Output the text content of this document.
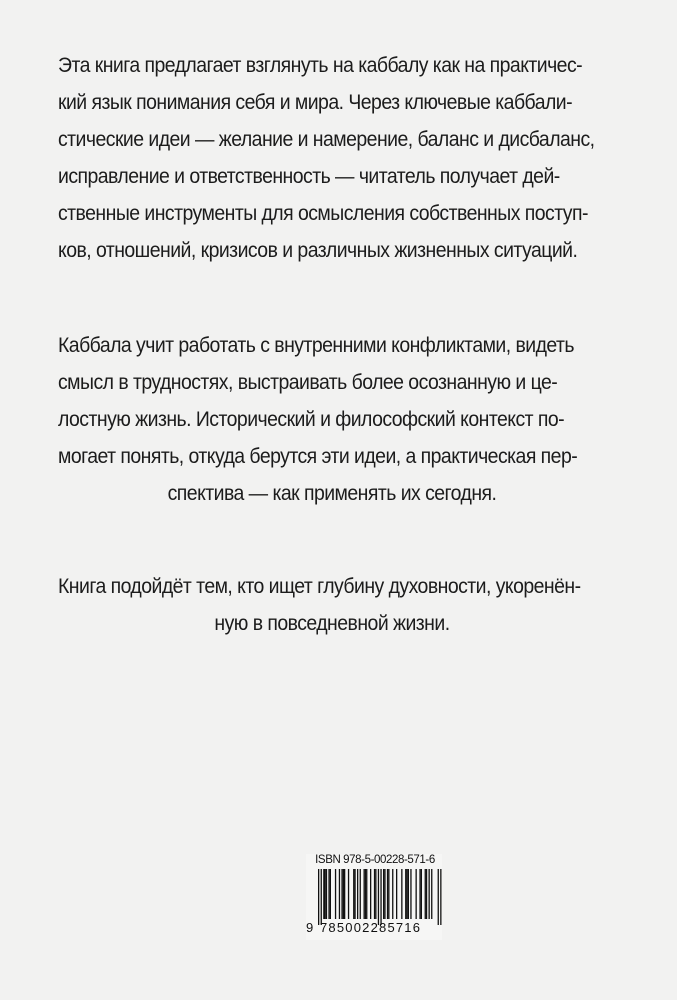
Эта книга предлагает взглянуть на каббалу как на практичес-
кий язык понимания себя и мира. Через ключевые каббали-
стические идеи — желание и намерение, баланс и дисбаланс,
исправление и ответственность — читатель получает дей-
ственные инструменты для осмысления собственных поступ-
ков, отношений, кризисов и различных жизненных ситуаций.
Каббала учит работать с внутренними конфликтами, видеть
смысл в трудностях, выстраивать более осознанную и це-
лостную жизнь. Исторический и философский контекст по-
могает понять, откуда берутся эти идеи, а практическая пер-
спектива — как применять их сегодня.
Книга подойдёт тем, кто ищет глубину духовности, укоренён-
ную в повседневной жизни.
ISBN 978-5-00228-571-6
9 785002285716
